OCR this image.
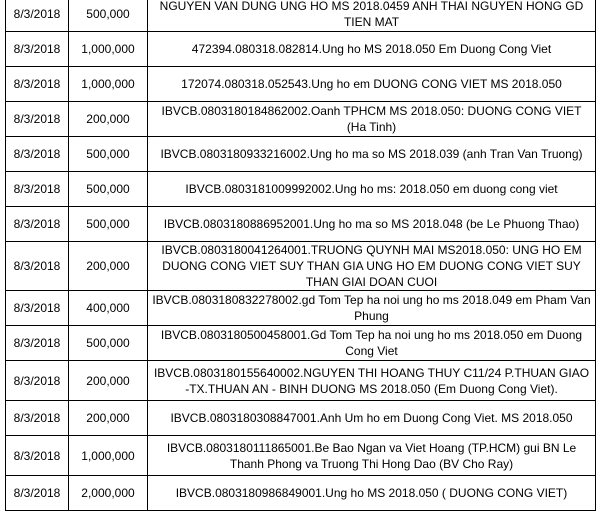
8/3/2018	500,000	NGUYEN VAN DUNG UNG HO MS 2018.0459 ANH THAI NGUYEN HONG GD TIEN MAT
8/3/2018	1,000,000	472394.080318.082814.Ung ho MS 2018.050 Em Duong Cong Viet
8/3/2018	1,000,000	172074.080318.052543.Ung ho em DUONG CONG VIET MS 2018.050
8/3/2018	200,000	IBVCB.0803180184862002.Oanh TPHCM MS 2018.050: DUONG CONG VIET (Ha Tinh)
8/3/2018	500,000	IBVCB.0803180933216002.Ung ho ma so MS 2018.039 (anh Tran Van Truong)
8/3/2018	500,000	IBVCB.0803181009992002.Ung ho ms: 2018.050 em duong cong viet
8/3/2018	500,000	IBVCB.0803180886952001.Ung ho ma so MS 2018.048 (be Le Phuong Thao)
8/3/2018	200,000	IBVCB.0803180041264001.TRUONG QUYNH MAI MS2018.050: UNG HO EM DUONG CONG VIET SUY THAN GIA UNG HO EM DUONG CONG VIET SUY THAN GIAI DOAN CUOI
8/3/2018	400,000	IBVCB.0803180832278002.gd Tom Tep ha noi ung ho ms 2018.049 em Pham Van Phung
8/3/2018	500,000	IBVCB.0803180500458001.Gd Tom Tep ha noi ung ho ms 2018.050 em Duong Cong Viet
8/3/2018	200,000	IBVCB.0803180155640002.NGUYEN THI HOANG THUY C11/24 P.THUAN GIAO -TX.THUAN AN - BINH DUONG MS 2018.050 (Em Duong Cong Viet).
8/3/2018	200,000	IBVCB.0803180308847001.Anh Um ho em Duong Cong Viet. MS 2018.050
8/3/2018	1,000,000	IBVCB.0803180111865001.Be Bao Ngan va Viet Hoang (TP.HCM) gui BN Le Thanh Phong va Truong Thi Hong Dao (BV Cho Ray)
8/3/2018	2,000,000	IBVCB.0803180986849001.Ung ho MS 2018.050 ( DUONG CONG VIET)
